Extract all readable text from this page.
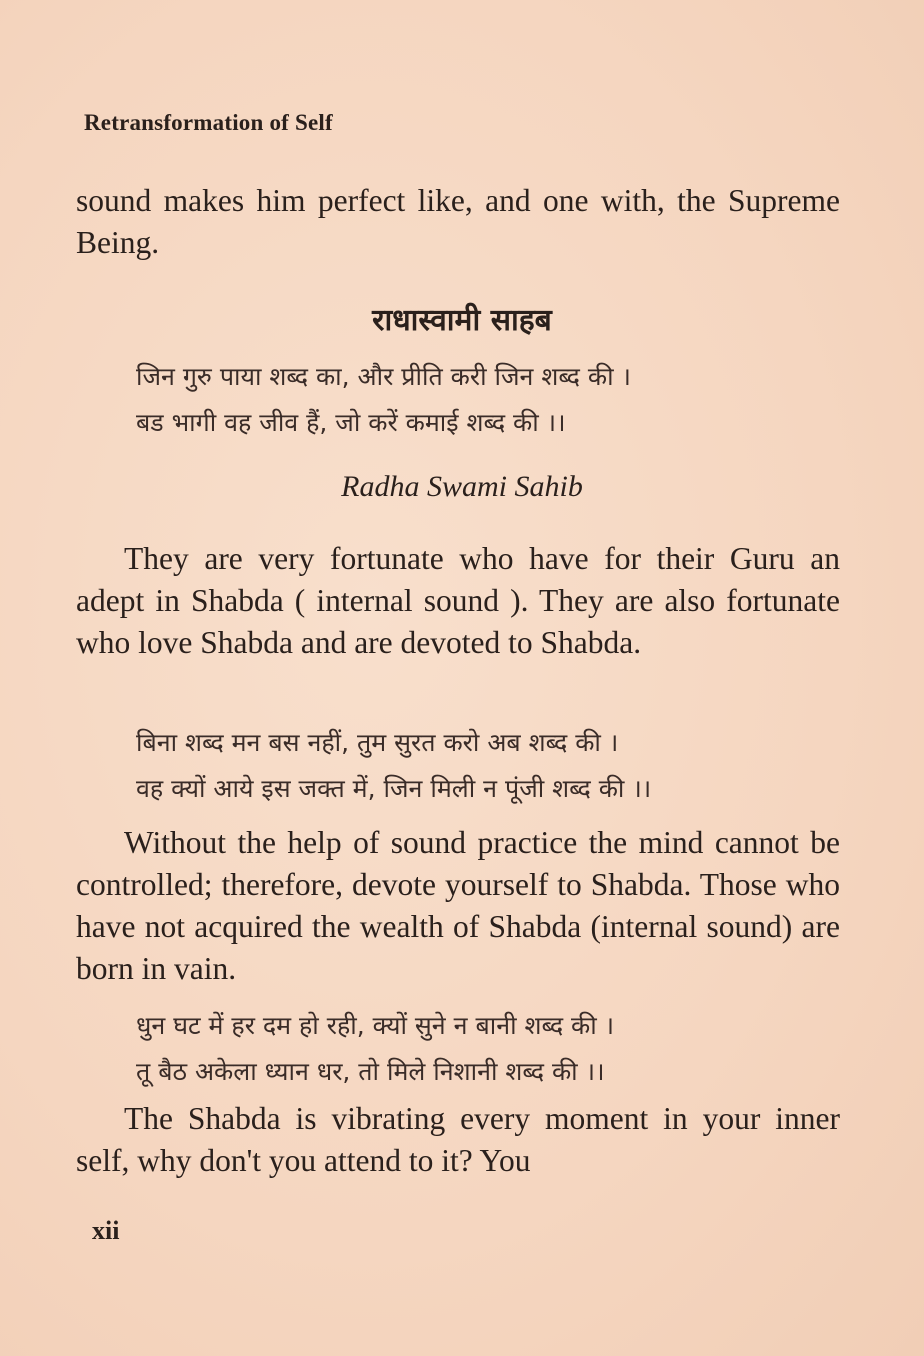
Retransformation of Self
sound makes him perfect like, and one with, the Supreme Being.
राधास्वामी साहब
जिन गुरु पाया शब्द का, और प्रीति करी जिन शब्द की ।
बड भागी वह जीव हैं, जो करें कमाई शब्द की ।।
Radha Swami Sahib
They are very fortunate who have for their Guru an adept in Shabda ( internal sound ). They are also fortunate who love Shabda and are devoted to Shabda.
बिना शब्द मन बस नहीं, तुम सुरत करो अब शब्द की ।
वह क्यों आये इस जक्त में, जिन मिली न पूंजी शब्द की ।।
Without the help of sound practice the mind cannot be controlled; therefore, devote yourself to Shabda. Those who have not acquired the wealth of Shabda (internal sound) are born in vain.
धुन घट में हर दम हो रही, क्यों सुने न बानी शब्द की ।
तू बैठ अकेला ध्यान धर, तो मिले निशानी शब्द की ।।
The Shabda is vibrating every moment in your inner self, why don't you attend to it? You
xii
